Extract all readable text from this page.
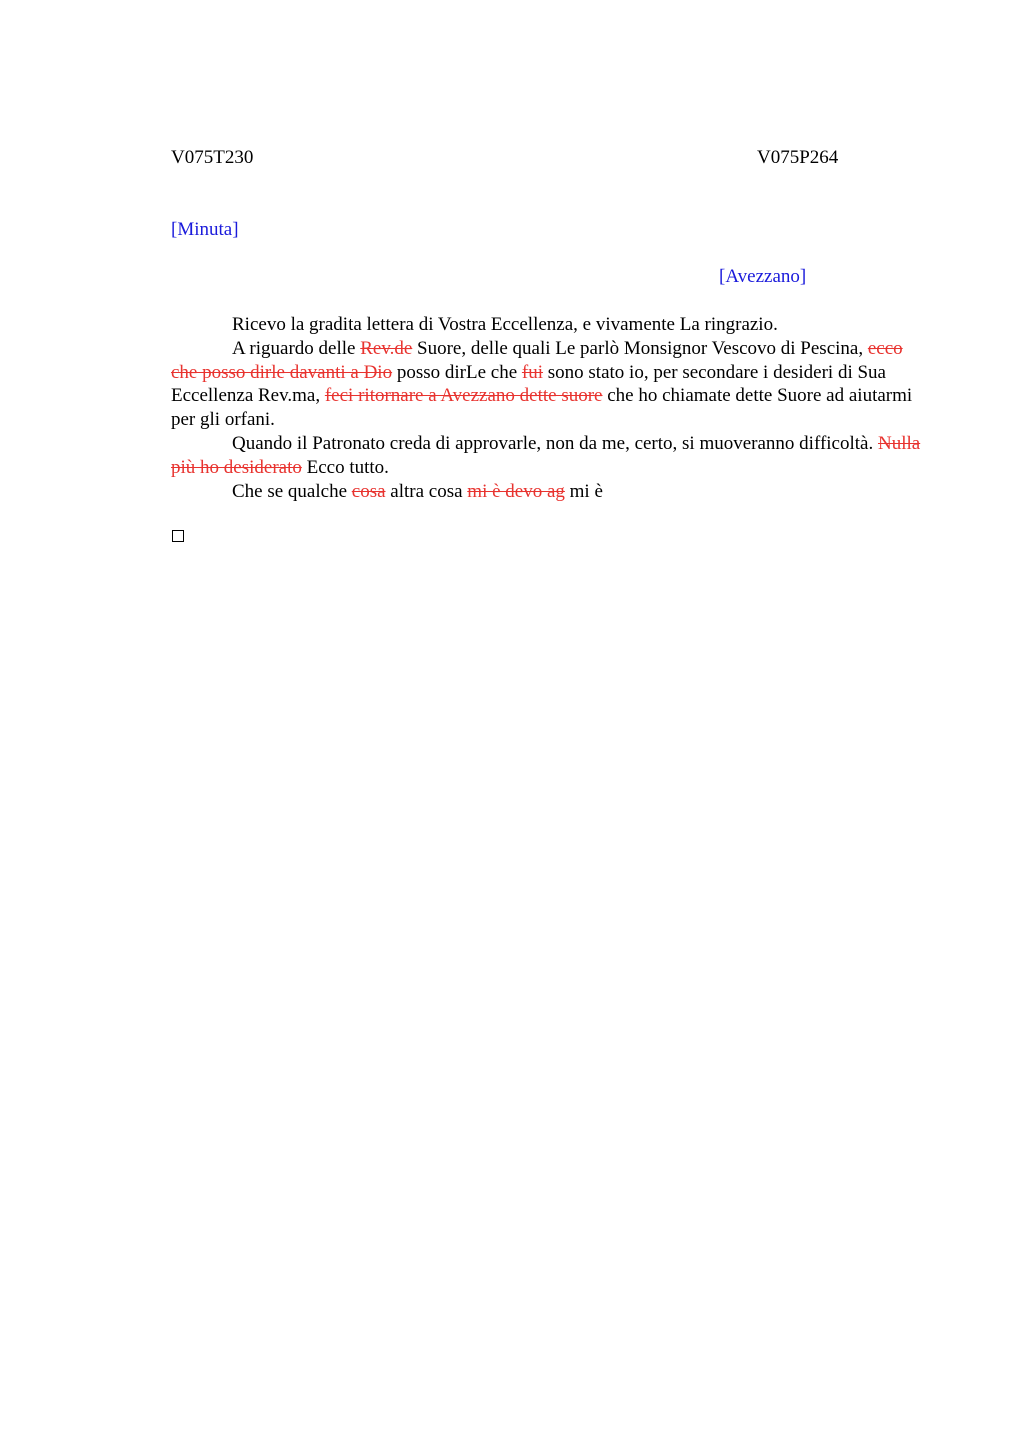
V075T230	V075P264
[Minuta]
[Avezzano]

Ricevo la gradita lettera di Vostra Eccellenza, e vivamente La ringrazio.

A riguardo delle Rev.de Suore, delle quali Le parlò Monsignor Vescovo di Pescina, ecco che posso dirle davanti a Dio posso dirLe che fui sono stato io, per secondare i desideri di Sua Eccellenza Rev.ma, feci ritornare a Avezzano dette suore che ho chiamate dette Suore ad aiutarmi per gli orfani.

Quando il Patronato creda di approvarle, non da me, certo, si muoveranno difficoltà. Nulla più ho desiderato Ecco tutto.

Che se qualche cosa altra cosa mi è devo ag mi è
